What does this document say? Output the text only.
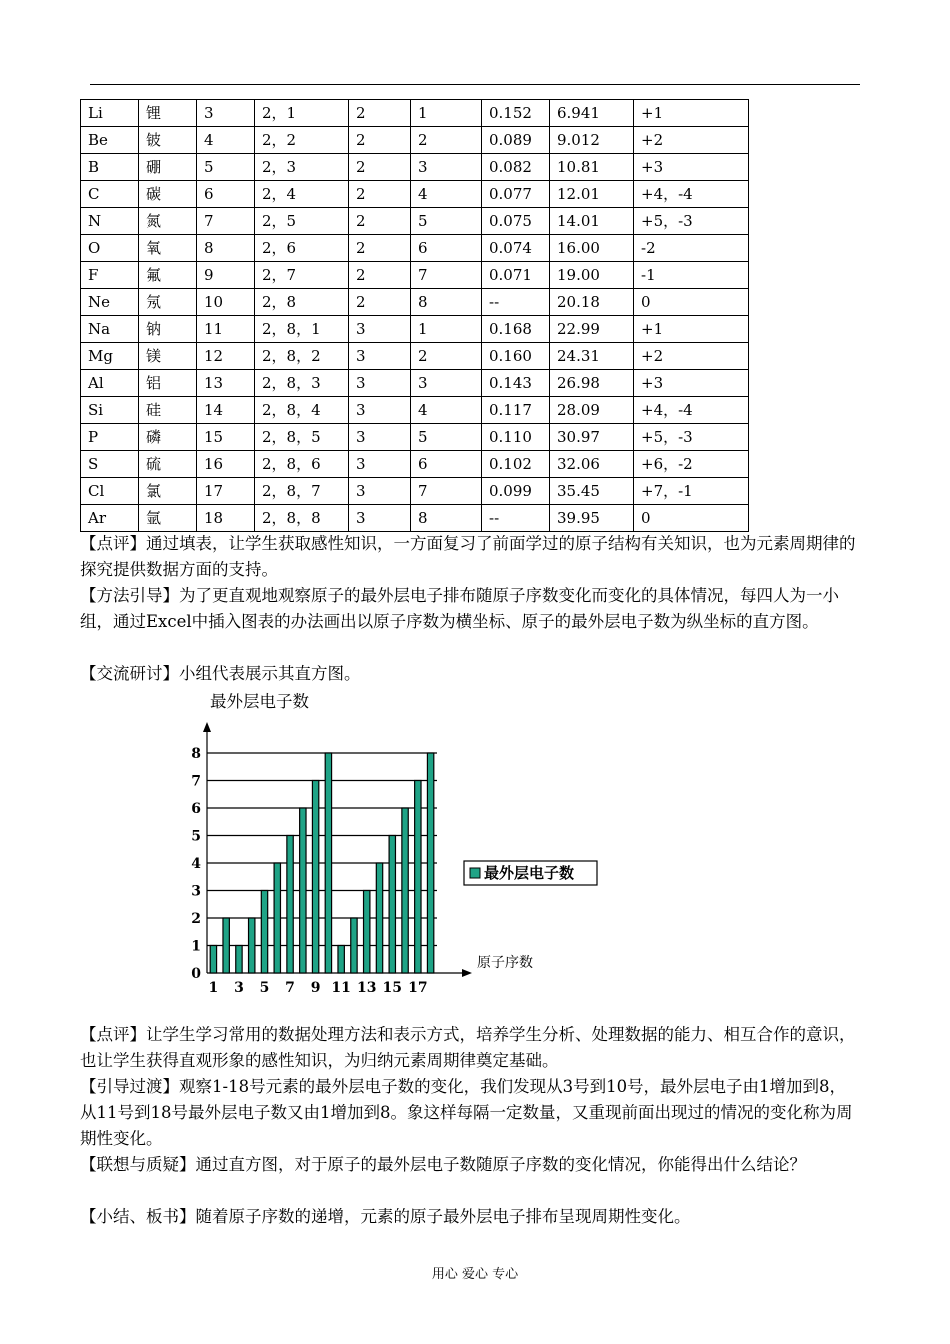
Li	锂	3	2，1	2	1	0.152	6.941	+1
Be	铍	4	2，2	2	2	0.089	9.012	+2
B	硼	5	2，3	2	3	0.082	10.81	+3
C	碳	6	2，4	2	4	0.077	12.01	+4，-4
N	氮	7	2，5	2	5	0.075	14.01	+5，-3
O	氧	8	2，6	2	6	0.074	16.00	-2
F	氟	9	2，7	2	7	0.071	19.00	-1
Ne	氖	10	2，8	2	8	--	20.18	0
Na	钠	11	2，8，1	3	1	0.168	22.99	+1
Mg	镁	12	2，8，2	3	2	0.160	24.31	+2
Al	铝	13	2，8，3	3	3	0.143	26.98	+3
Si	硅	14	2，8，4	3	4	0.117	28.09	+4，-4
P	磷	15	2，8，5	3	5	0.110	30.97	+5，-3
S	硫	16	2，8，6	3	6	0.102	32.06	+6，-2
Cl	氯	17	2，8，7	3	7	0.099	35.45	+7，-1
Ar	氩	18	2，8，8	3	8	--	39.95	0
【点评】通过填表，让学生获取感性知识，一方面复习了前面学过的原子结构有关知识，也为元素周期律的探究提供数据方面的支持。
【方法引导】为了更直观地观察原子的最外层电子排布随原子序数变化而变化的具体情况，每四人为一小组，通过Excel中插入图表的办法画出以原子序数为横坐标、原子的最外层电子数为纵坐标的直方图。
【交流研讨】小组代表展示其直方图。
最外层电子数
0
1
2
3
4
5
6
7
8
1 3 5 7 9 11 13 15 17
原子序数
最外层电子数
【点评】让学生学习常用的数据处理方法和表示方式，培养学生分析、处理数据的能力、相互合作的意识，也让学生获得直观形象的感性知识，为归纳元素周期律奠定基础。
【引导过渡】观察1-18号元素的最外层电子数的变化，我们发现从3号到10号，最外层电子由1增加到8，从11号到18号最外层电子数又由1增加到8。象这样每隔一定数量，又重现前面出现过的情况的变化称为周期性变化。
【联想与质疑】通过直方图，对于原子的最外层电子数随原子序数的变化情况，你能得出什么结论？
【小结、板书】随着原子序数的递增，元素的原子最外层电子排布呈现周期性变化。
用心 爱心 专心
